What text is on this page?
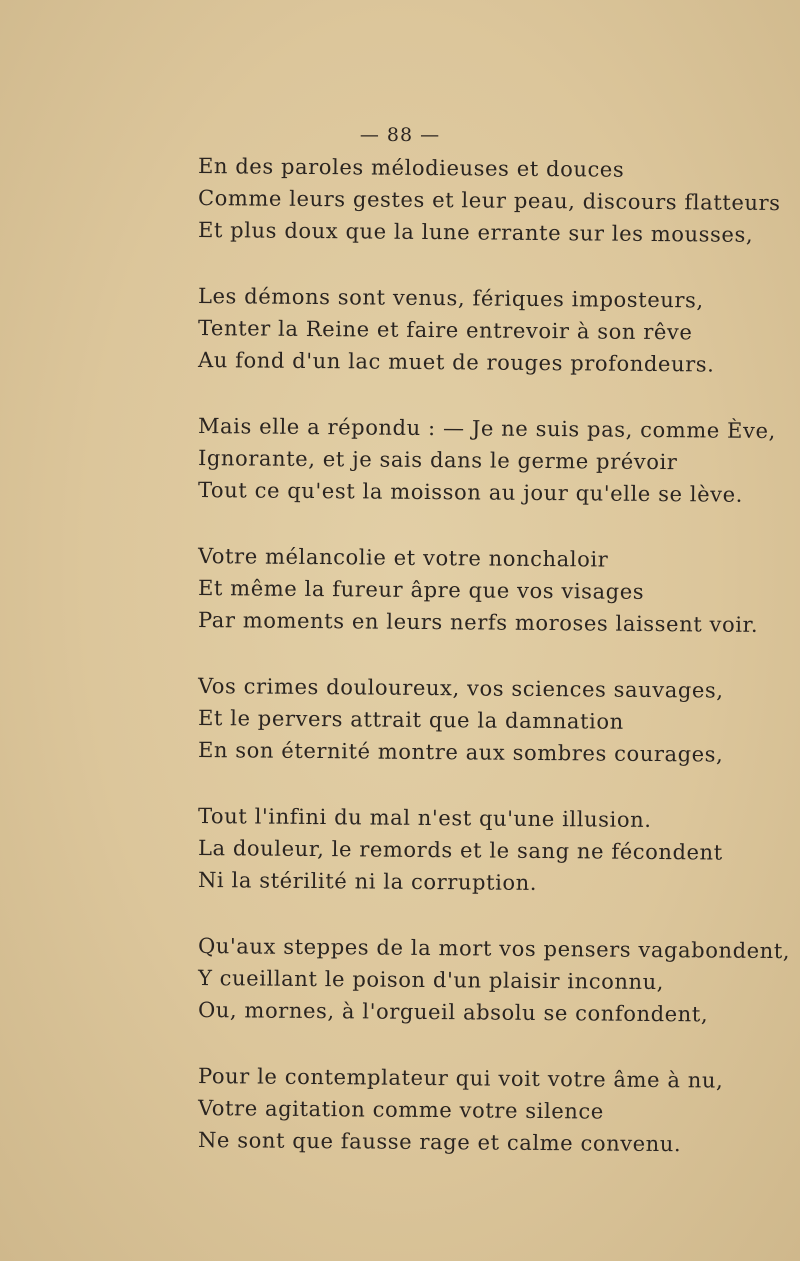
— 88 —
En des paroles mélodieuses et douces
Comme leurs gestes et leur peau, discours flatteurs
Et plus doux que la lune errante sur les mousses,
Les démons sont venus, fériques imposteurs,
Tenter la Reine et faire entrevoir à son rêve
Au fond d'un lac muet de rouges profondeurs.
Mais elle a répondu : — Je ne suis pas, comme Ève,
Ignorante, et je sais dans le germe prévoir
Tout ce qu'est la moisson au jour qu'elle se lève.
Votre mélancolie et votre nonchaloir
Et même la fureur âpre que vos visages
Par moments en leurs nerfs moroses laissent voir.
Vos crimes douloureux, vos sciences sauvages,
Et le pervers attrait que la damnation
En son éternité montre aux sombres courages,
Tout l'infini du mal n'est qu'une illusion.
La douleur, le remords et le sang ne fécondent
Ni la stérilité ni la corruption.
Qu'aux steppes de la mort vos pensers vagabondent,
Y cueillant le poison d'un plaisir inconnu,
Ou, mornes, à l'orgueil absolu se confondent,
Pour le contemplateur qui voit votre âme à nu,
Votre agitation comme votre silence
Ne sont que fausse rage et calme convenu.
